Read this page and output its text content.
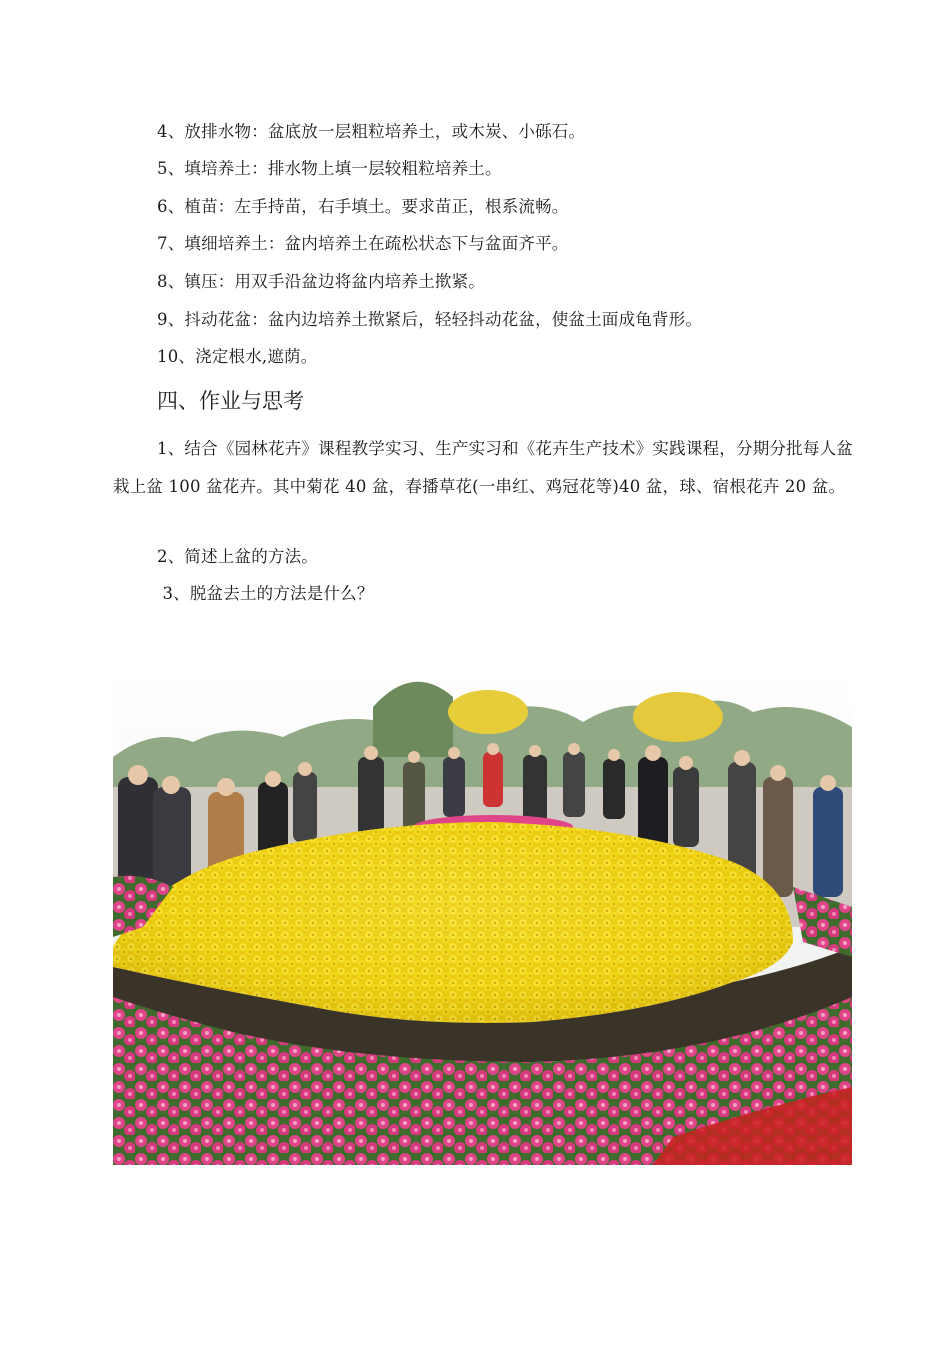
4、放排水物：盆底放一层粗粒培养土，或木炭、小砾石。
5、填培养土：排水物上填一层较粗粒培养土。
6、植苗：左手持苗，右手填土。要求苗正，根系流畅。
7、填细培养土：盆内培养土在疏松状态下与盆面齐平。
8、镇压：用双手沿盆边将盆内培养土揿紧。
9、抖动花盆：盆内边培养土揿紧后，轻轻抖动花盆，使盆土面成龟背形。
10、浇定根水,遮荫。
四、作业与思考
1、结合《园林花卉》课程教学实习、生产实习和《花卉生产技术》实践课程，分期分批每人盆栽上盆 100 盆花卉。其中菊花 40 盆，春播草花(一串红、鸡冠花等)40 盆，球、宿根花卉 20 盆。
2、简述上盆的方法。
3、脱盆去土的方法是什么？
